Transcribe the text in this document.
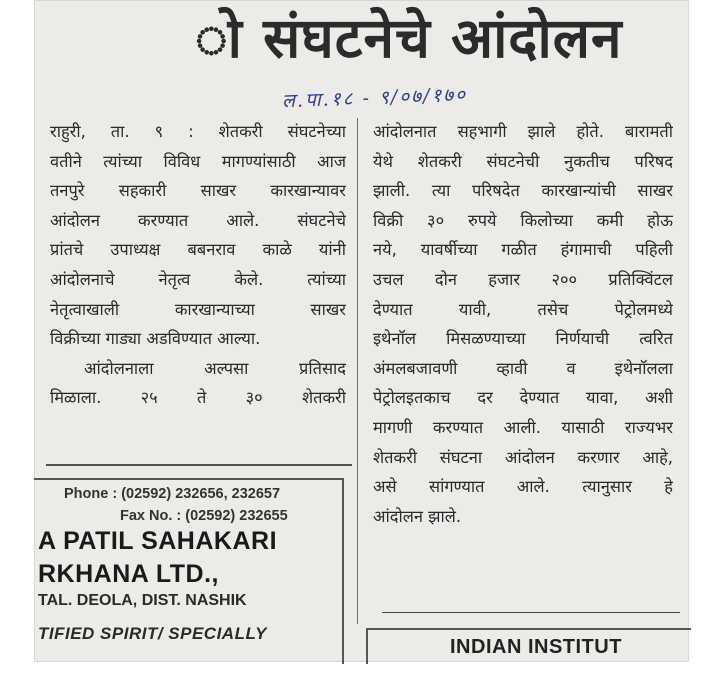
ो संघटनेचे आंदोलन
ल.पा.१८ - ९/०७/१७०
राहुरी, ता. ९ : शेतकरी संघटनेच्या
वतीने त्यांच्या विविध मागण्यांसाठी आज
तनपुरे सहकारी साखर कारखान्यावर
आंदोलन करण्यात आले. संघटनेचे
प्रांतचे उपाध्यक्ष बबनराव काळे यांनी
आंदोलनाचे नेतृत्व केले. त्यांच्या
नेतृत्वाखाली कारखान्याच्या साखर
विक्रीच्या गाड्या अडविण्यात आल्या.
आंदोलनाला अल्पसा प्रतिसाद
मिळाला. २५ ते ३० शेतकरी
आंदोलनात सहभागी झाले होते. बारामती
येथे शेतकरी संघटनेची नुकतीच परिषद
झाली. त्या परिषदेत कारखान्यांची साखर
विक्री ३० रुपये किलोच्या कमी होऊ
नये, यावर्षीच्या गळीत हंगामाची पहिली
उचल दोन हजार २०० प्रतिक्विंटल
देण्यात यावी, तसेच पेट्रोलमध्ये
इथेनॉल मिसळण्याच्या निर्णयाची त्वरित
अंमलबजावणी व्हावी व इथेनॉलला
पेट्रोलइतकाच दर देण्यात यावा, अशी
मागणी करण्यात आली. यासाठी राज्यभर
शेतकरी संघटना आंदोलन करणार आहे,
असे सांगण्यात आले. त्यानुसार हे
आंदोलन झाले.
Phone : (02592) 232656, 232657
Fax No. : (02592) 232655
A PATIL SAHAKARI
RKHANA LTD.,
TAL. DEOLA, DIST. NASHIK
TIFIED SPIRIT/ SPECIALLY
INDIAN INSTITUT
